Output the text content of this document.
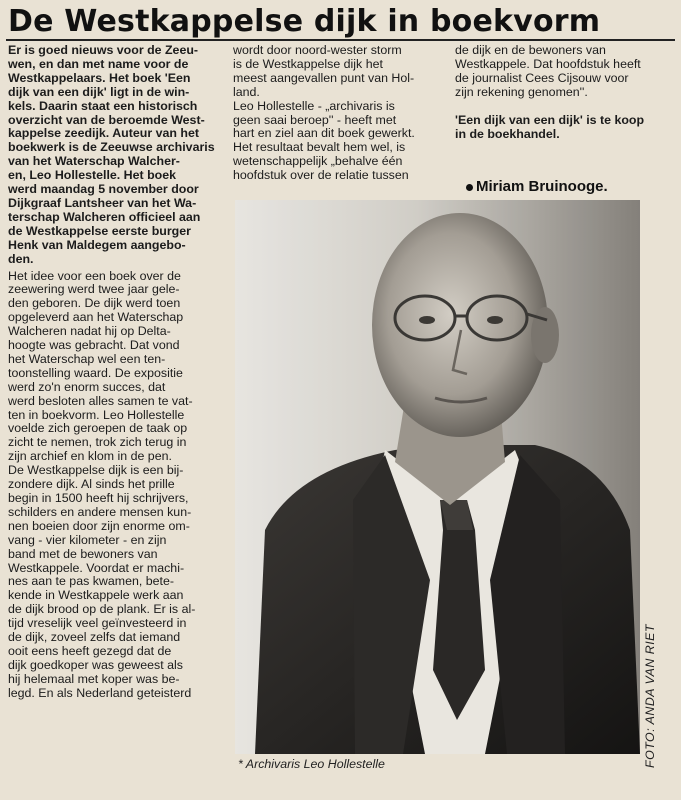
De Westkappelse dijk in boekvorm

Er is goed nieuws voor de Zeeu-

wen, en dan met name voor de

Westkappelaars. Het boek 'Een

dijk van een dijk' ligt in de win-

kels. Daarin staat een historisch

overzicht van de beroemde West-

kappelse zeedijk. Auteur van het

boekwerk is de Zeeuwse archivaris

van het Waterschap Walcher-

en, Leo Hollestelle. Het boek

werd maandag 5 november door

Dijkgraaf Lantsheer van het Wa-

terschap Walcheren officieel aan

de Westkappelse eerste burger

Henk van Maldegem aangebo-

den.

Het idee voor een boek over de

zeewering werd twee jaar gele-

den geboren. De dijk werd toen

opgeleverd aan het Waterschap

Walcheren nadat hij op Delta-

hoogte was gebracht. Dat vond

het Waterschap wel een ten-

toonstelling waard. De expositie

werd zo'n enorm succes, dat

werd besloten alles samen te vat-

ten in boekvorm. Leo Hollestelle

voelde zich geroepen de taak op

zicht te nemen, trok zich terug in

zijn archief en klom in de pen.

De Westkappelse dijk is een bij-

zondere dijk. Al sinds het prille

begin in 1500 heeft hij schrijvers,

schilders en andere mensen kun-

nen boeien door zijn enorme om-

vang - vier kilometer - en zijn

band met de bewoners van

Westkappele. Voordat er machi-

nes aan te pas kwamen, bete-

kende in Westkappele werk aan

de dijk brood op de plank. Er is al-

tijd vreselijk veel geïnvesteerd in

de dijk, zoveel zelfs dat iemand

ooit eens heeft gezegd dat de

dijk goedkoper was geweest als

hij helemaal met koper was be-

legd. En als Nederland geteisterd

wordt door noord-wester storm

is de Westkappelse dijk het

meest aangevallen punt van Hol-

land.

Leo Hollestelle - „archivaris is

geen saai beroep'' - heeft met

hart en ziel aan dit boek gewerkt.

Het resultaat bevalt hem wel, is

wetenschappelijk „behalve één

hoofdstuk over de relatie tussen

de dijk en de bewoners van

Westkappele. Dat hoofdstuk heeft

de journalist Cees Cijsouw voor

zijn rekening genomen''.

'Een dijk van een dijk' is te koop

in de boekhandel.

Miriam Bruinooge.
* Archivaris Leo Hollestelle	FOTO: ANDA VAN RIET
